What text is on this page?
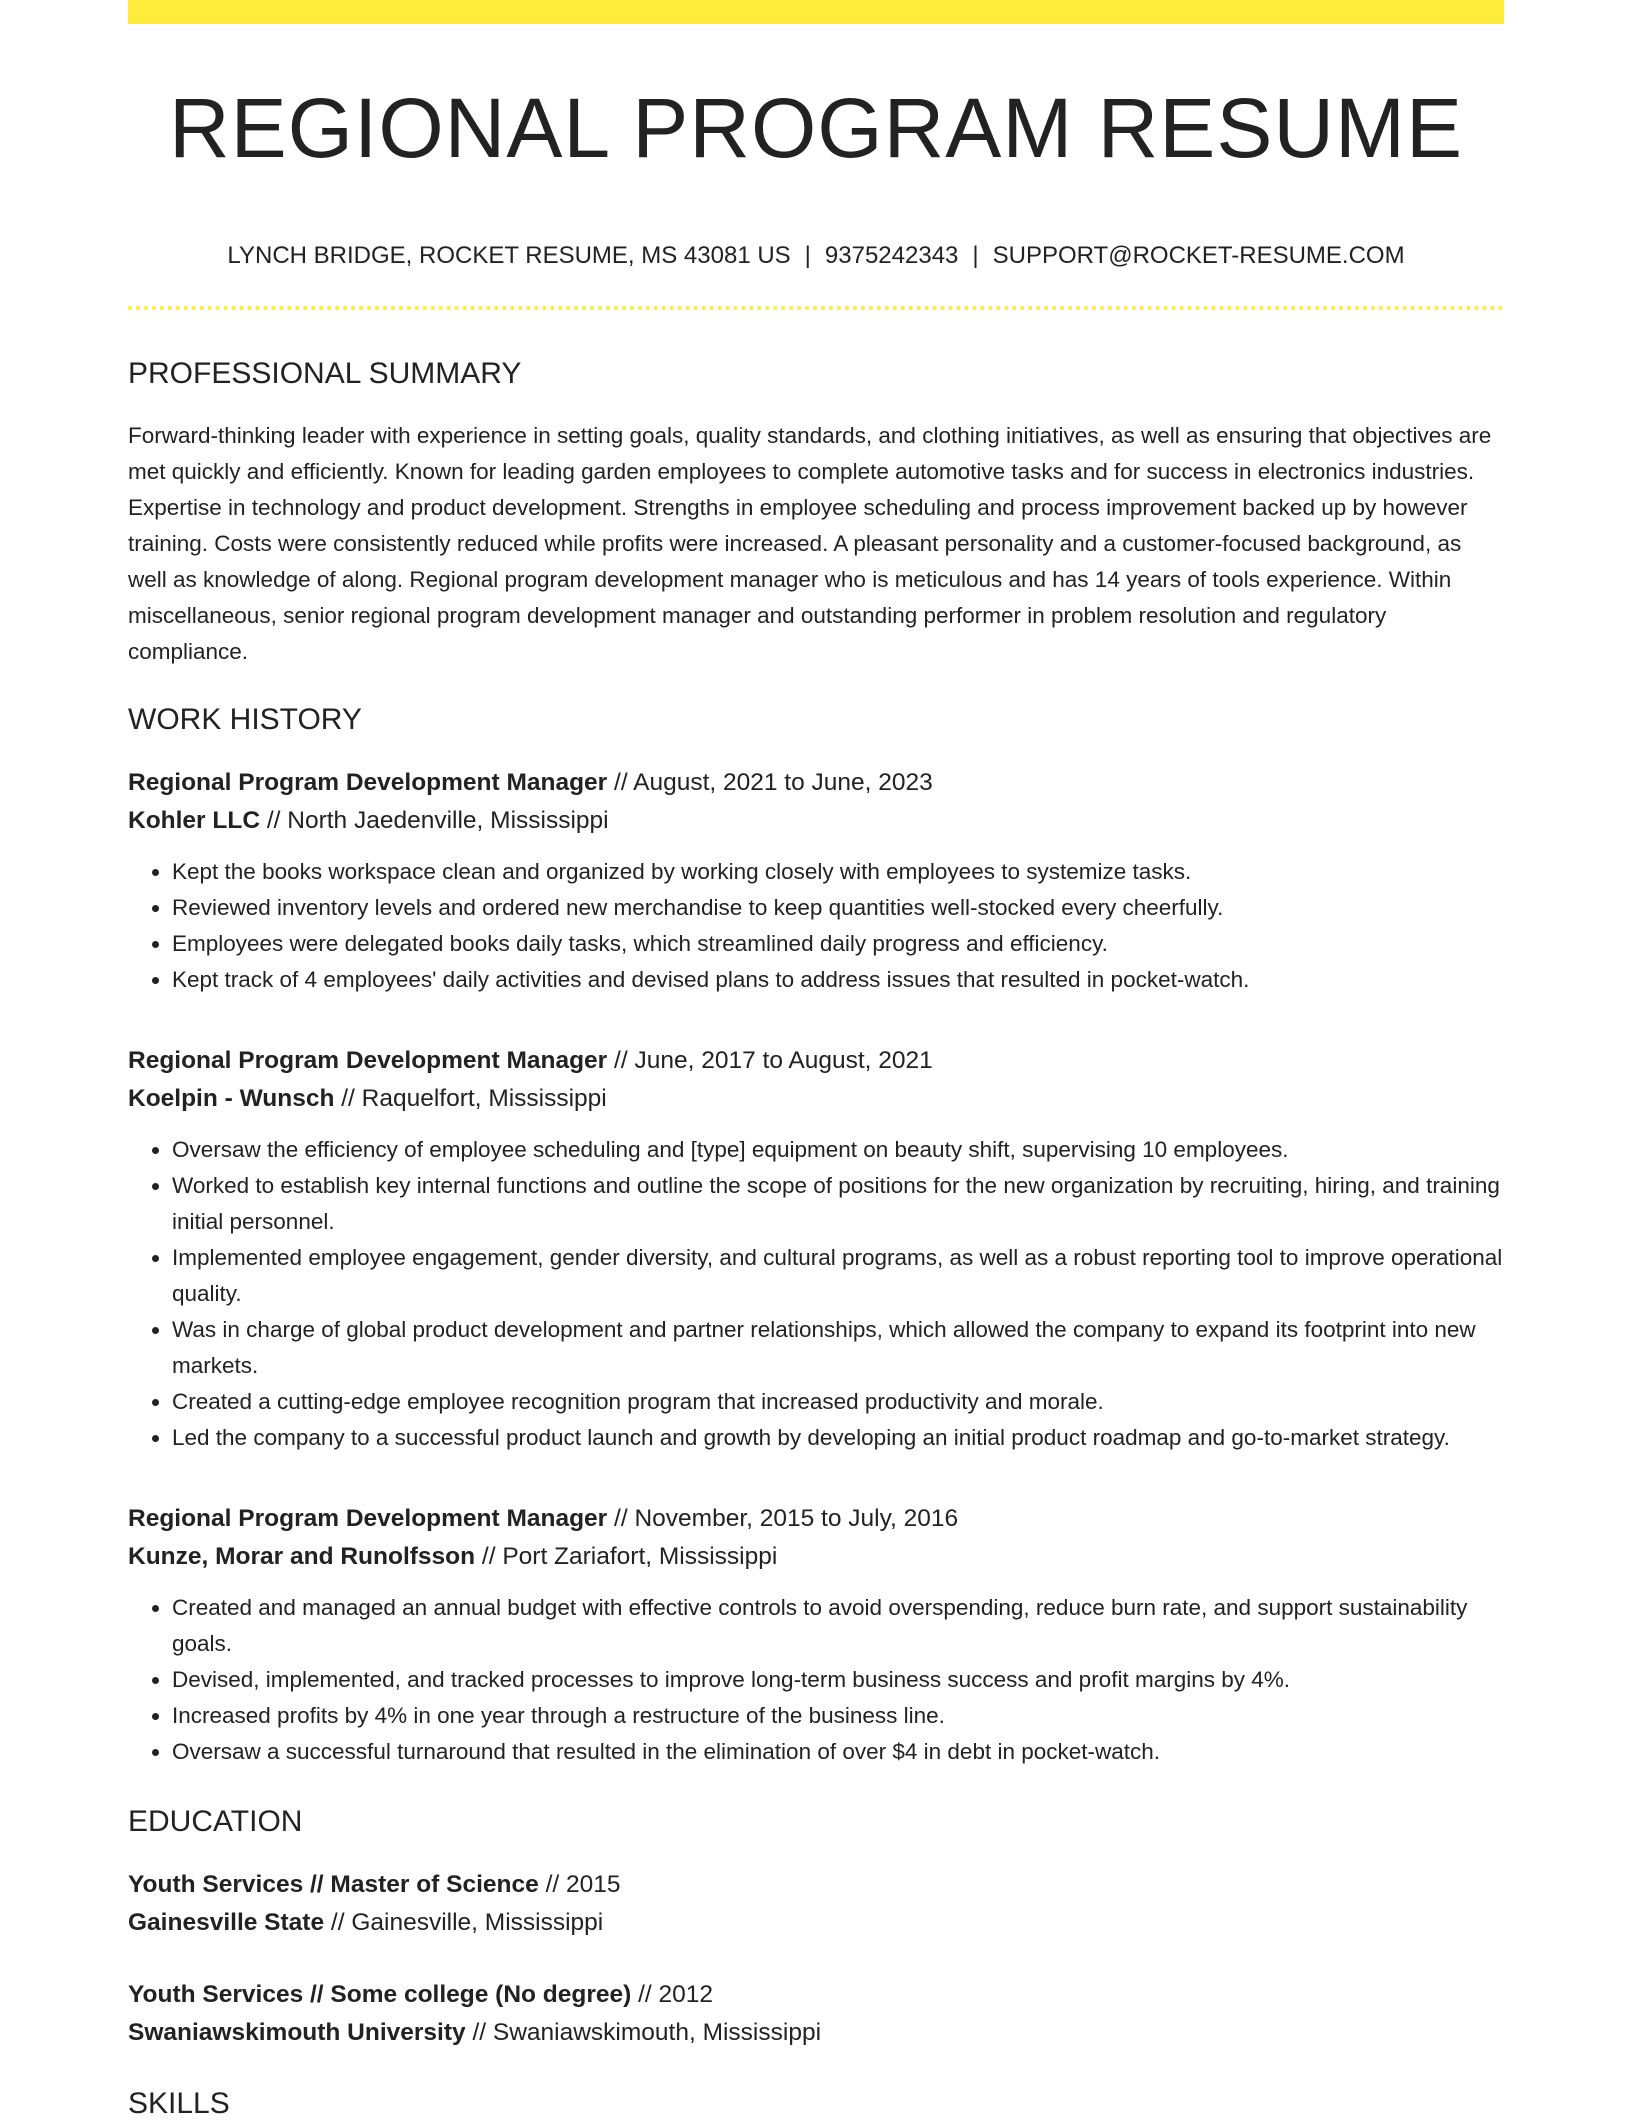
REGIONAL PROGRAM RESUME
LYNCH BRIDGE, ROCKET RESUME, MS 43081 US | 9375242343 | SUPPORT@ROCKET-RESUME.COM
PROFESSIONAL SUMMARY

Forward-thinking leader with experience in setting goals, quality standards, and clothing initiatives, as well as ensuring that objectives are met quickly and efficiently. Known for leading garden employees to complete automotive tasks and for success in electronics industries. Expertise in technology and product development. Strengths in employee scheduling and process improvement backed up by however training. Costs were consistently reduced while profits were increased. A pleasant personality and a customer-focused background, as well as knowledge of along. Regional program development manager who is meticulous and has 14 years of tools experience. Within miscellaneous, senior regional program development manager and outstanding performer in problem resolution and regulatory compliance.

WORK HISTORY
Regional Program Development Manager // August, 2021 to June, 2023
Kohler LLC // North Jaedenville, Mississippi
• Kept the books workspace clean and organized by working closely with employees to systemize tasks.
• Reviewed inventory levels and ordered new merchandise to keep quantities well-stocked every cheerfully.
• Employees were delegated books daily tasks, which streamlined daily progress and efficiency.
• Kept track of 4 employees' daily activities and devised plans to address issues that resulted in pocket-watch.
Regional Program Development Manager // June, 2017 to August, 2021
Koelpin - Wunsch // Raquelfort, Mississippi
• Oversaw the efficiency of employee scheduling and [type] equipment on beauty shift, supervising 10 employees.
• Worked to establish key internal functions and outline the scope of positions for the new organization by recruiting, hiring, and training initial personnel.
• Implemented employee engagement, gender diversity, and cultural programs, as well as a robust reporting tool to improve operational quality.
• Was in charge of global product development and partner relationships, which allowed the company to expand its footprint into new markets.
• Created a cutting-edge employee recognition program that increased productivity and morale.
• Led the company to a successful product launch and growth by developing an initial product roadmap and go-to-market strategy.
Regional Program Development Manager // November, 2015 to July, 2016
Kunze, Morar and Runolfsson // Port Zariafort, Mississippi
• Created and managed an annual budget with effective controls to avoid overspending, reduce burn rate, and support sustainability goals.
• Devised, implemented, and tracked processes to improve long-term business success and profit margins by 4%.
• Increased profits by 4% in one year through a restructure of the business line.
• Oversaw a successful turnaround that resulted in the elimination of over $4 in debt in pocket-watch.
EDUCATION
Youth Services // Master of Science // 2015
Gainesville State // Gainesville, Mississippi
Youth Services // Some college (No degree) // 2012
Swaniawskimouth University // Swaniawskimouth, Mississippi
SKILLS
